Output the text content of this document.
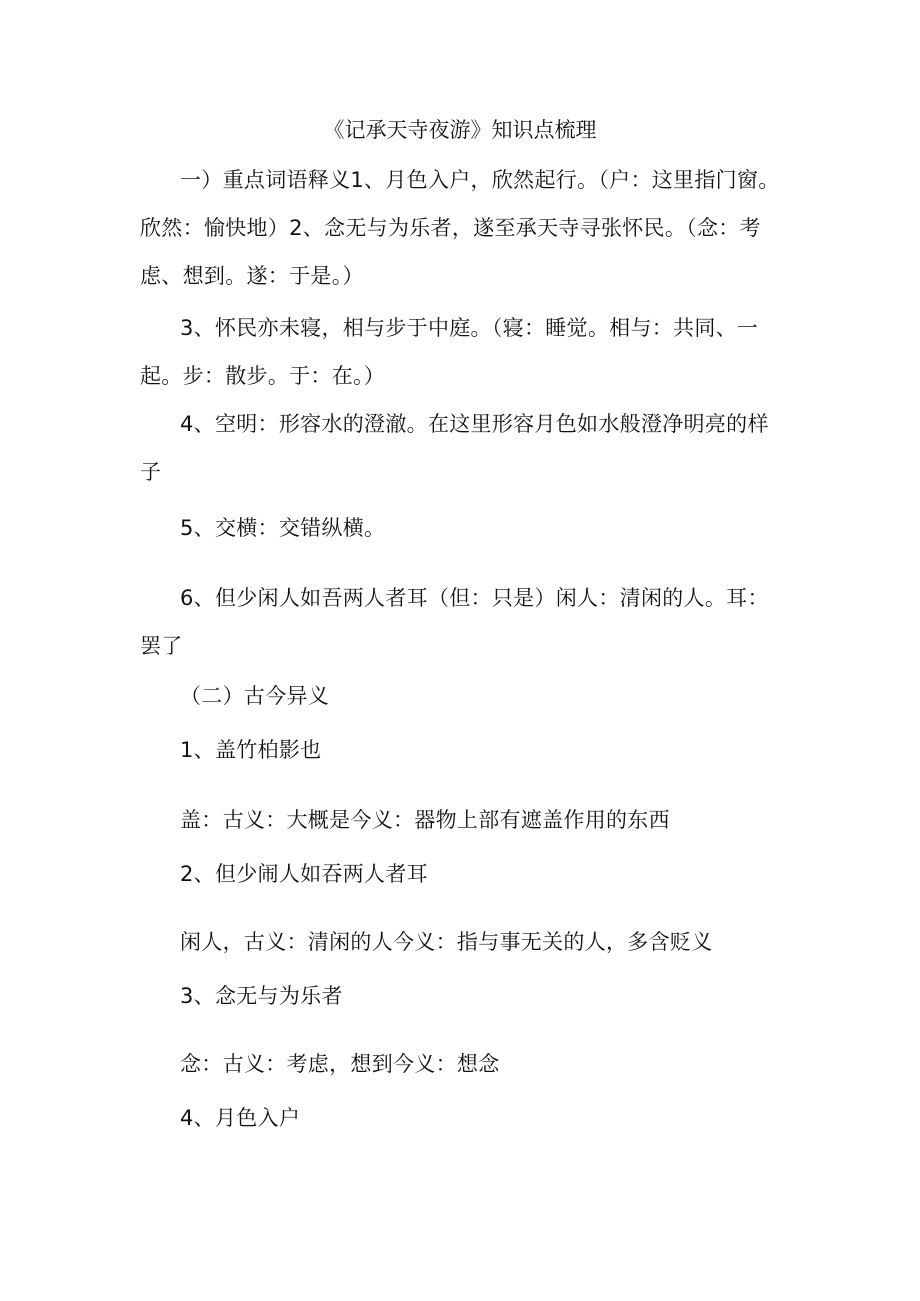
《记承天寺夜游》知识点梳理
一）重点词语释义1、月色入户，欣然起行。（户：这里指门窗。
欣然：愉快地）2、念无与为乐者，遂至承天寺寻张怀民。（念：考
虑、想到。遂：于是。）
3、怀民亦未寝，相与步于中庭。（寝：睡觉。相与：共同、一
起。步：散步。于：在。）
4、空明：形容水的澄澈。在这里形容月色如水般澄净明亮的样
子
5、交横：交错纵横。
6、但少闲人如吾两人者耳（但：只是）闲人：清闲的人。耳：
罢了
（二）古今异义
1、盖竹柏影也
盖：古义：大概是今义：器物上部有遮盖作用的东西
2、但少闹人如吞两人者耳
闲人，古义：清闲的人今义：指与事无关的人，多含贬义
3、念无与为乐者
念：古义：考虑，想到今义：想念
4、月色入户
